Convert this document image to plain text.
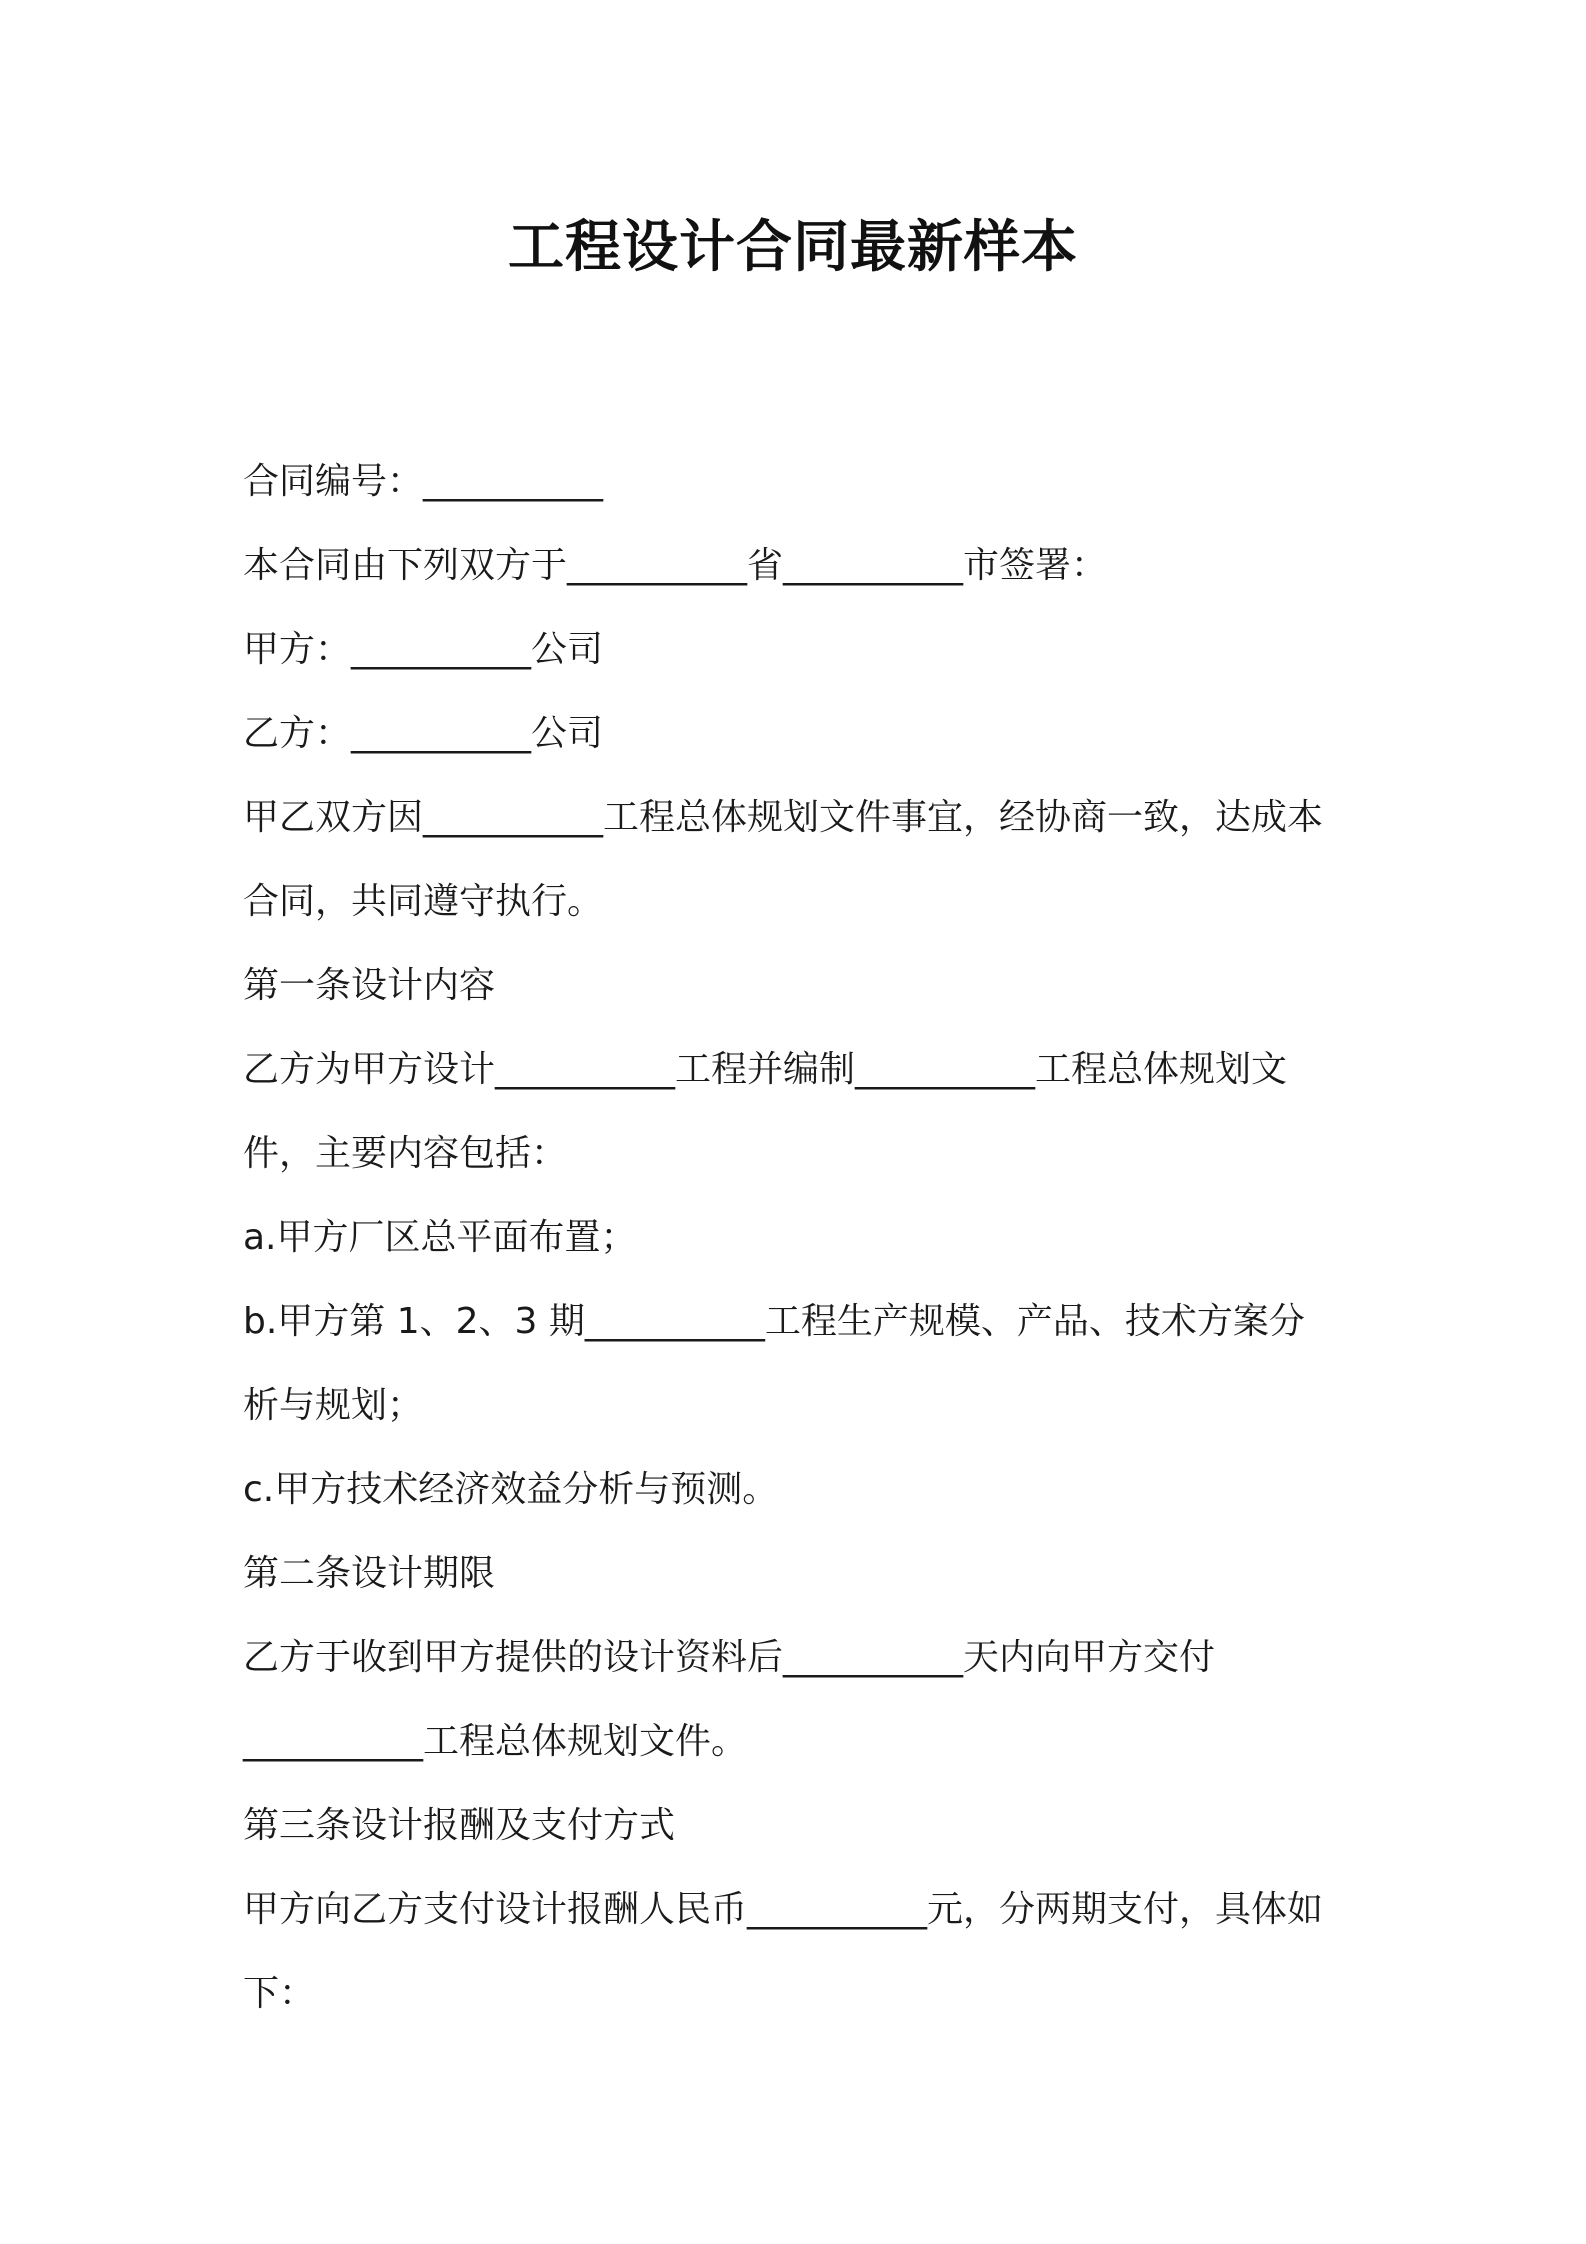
工程设计合同最新样本
合同编号：__________
本合同由下列双方于__________省__________市签署：
甲方：__________公司
乙方：__________公司
甲乙双方因__________工程总体规划文件事宜，经协商一致，达成本
合同，共同遵守执行。
第一条设计内容
乙方为甲方设计__________工程并编制__________工程总体规划文
件，主要内容包括：
a.甲方厂区总平面布置；
b.甲方第 1、2、3 期__________工程生产规模、产品、技术方案分
析与规划；
c.甲方技术经济效益分析与预测。
第二条设计期限
乙方于收到甲方提供的设计资料后__________天内向甲方交付
__________工程总体规划文件。
第三条设计报酬及支付方式
甲方向乙方支付设计报酬人民币__________元，分两期支付，具体如
下：
